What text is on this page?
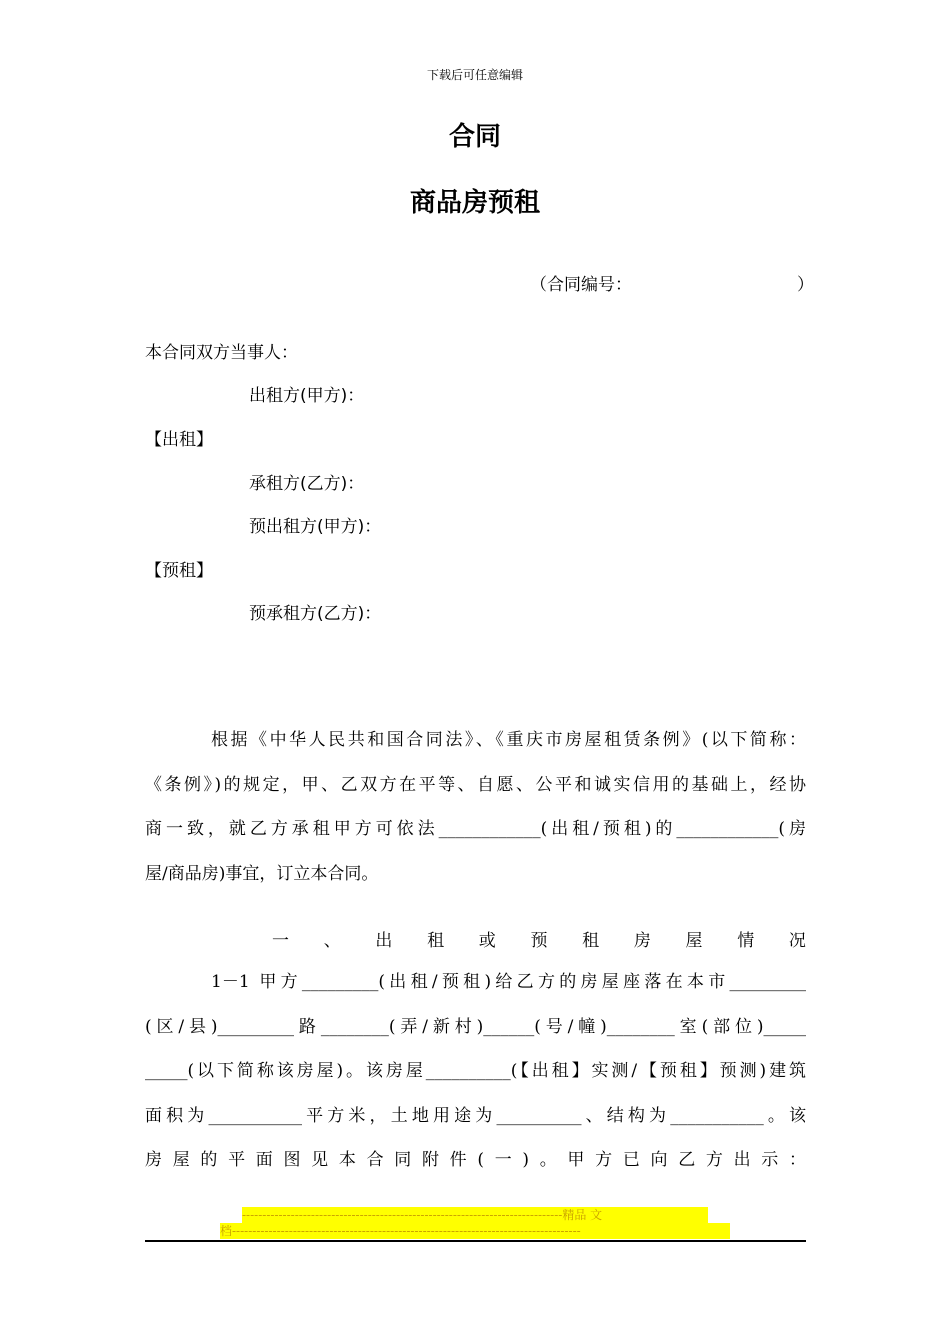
下载后可任意编辑
合同
商品房预租
（合同编号：	）
本合同双方当事人：
出租方(甲方)：
【出租】
承租方(乙方)：
预出租方(甲方)：
【预租】
预承租方(乙方)：
根据《中华人民共和国合同法》、《重庆市房屋租赁条例》(以下简称：
《条例》)的规定，甲、乙双方在平等、自愿、公平和诚实信用的基础上，经协
商一致，就乙方承租甲方可依法____________(出租/预租)的____________(房
屋/商品房)事宜，订立本合同。
一 、 出 租 或 预 租 房 屋 情 况
1－1 甲方_________(出租/预租)给乙方的房屋座落在本市_________
(区/县)_________路________(弄/新村)______(号/幢)________室(部位)_____
_____(以下简称该房屋)。该房屋__________(【出租】实测/【预租】预测)建筑
面积为___________平方米，土地用途为__________、结构为___________。该
房屋的平面图见本合同附件(一)。甲方已向乙方出示：
-------------------------------------------------------------------------------精品 文
档--------------------------------------------------------------------------------------
